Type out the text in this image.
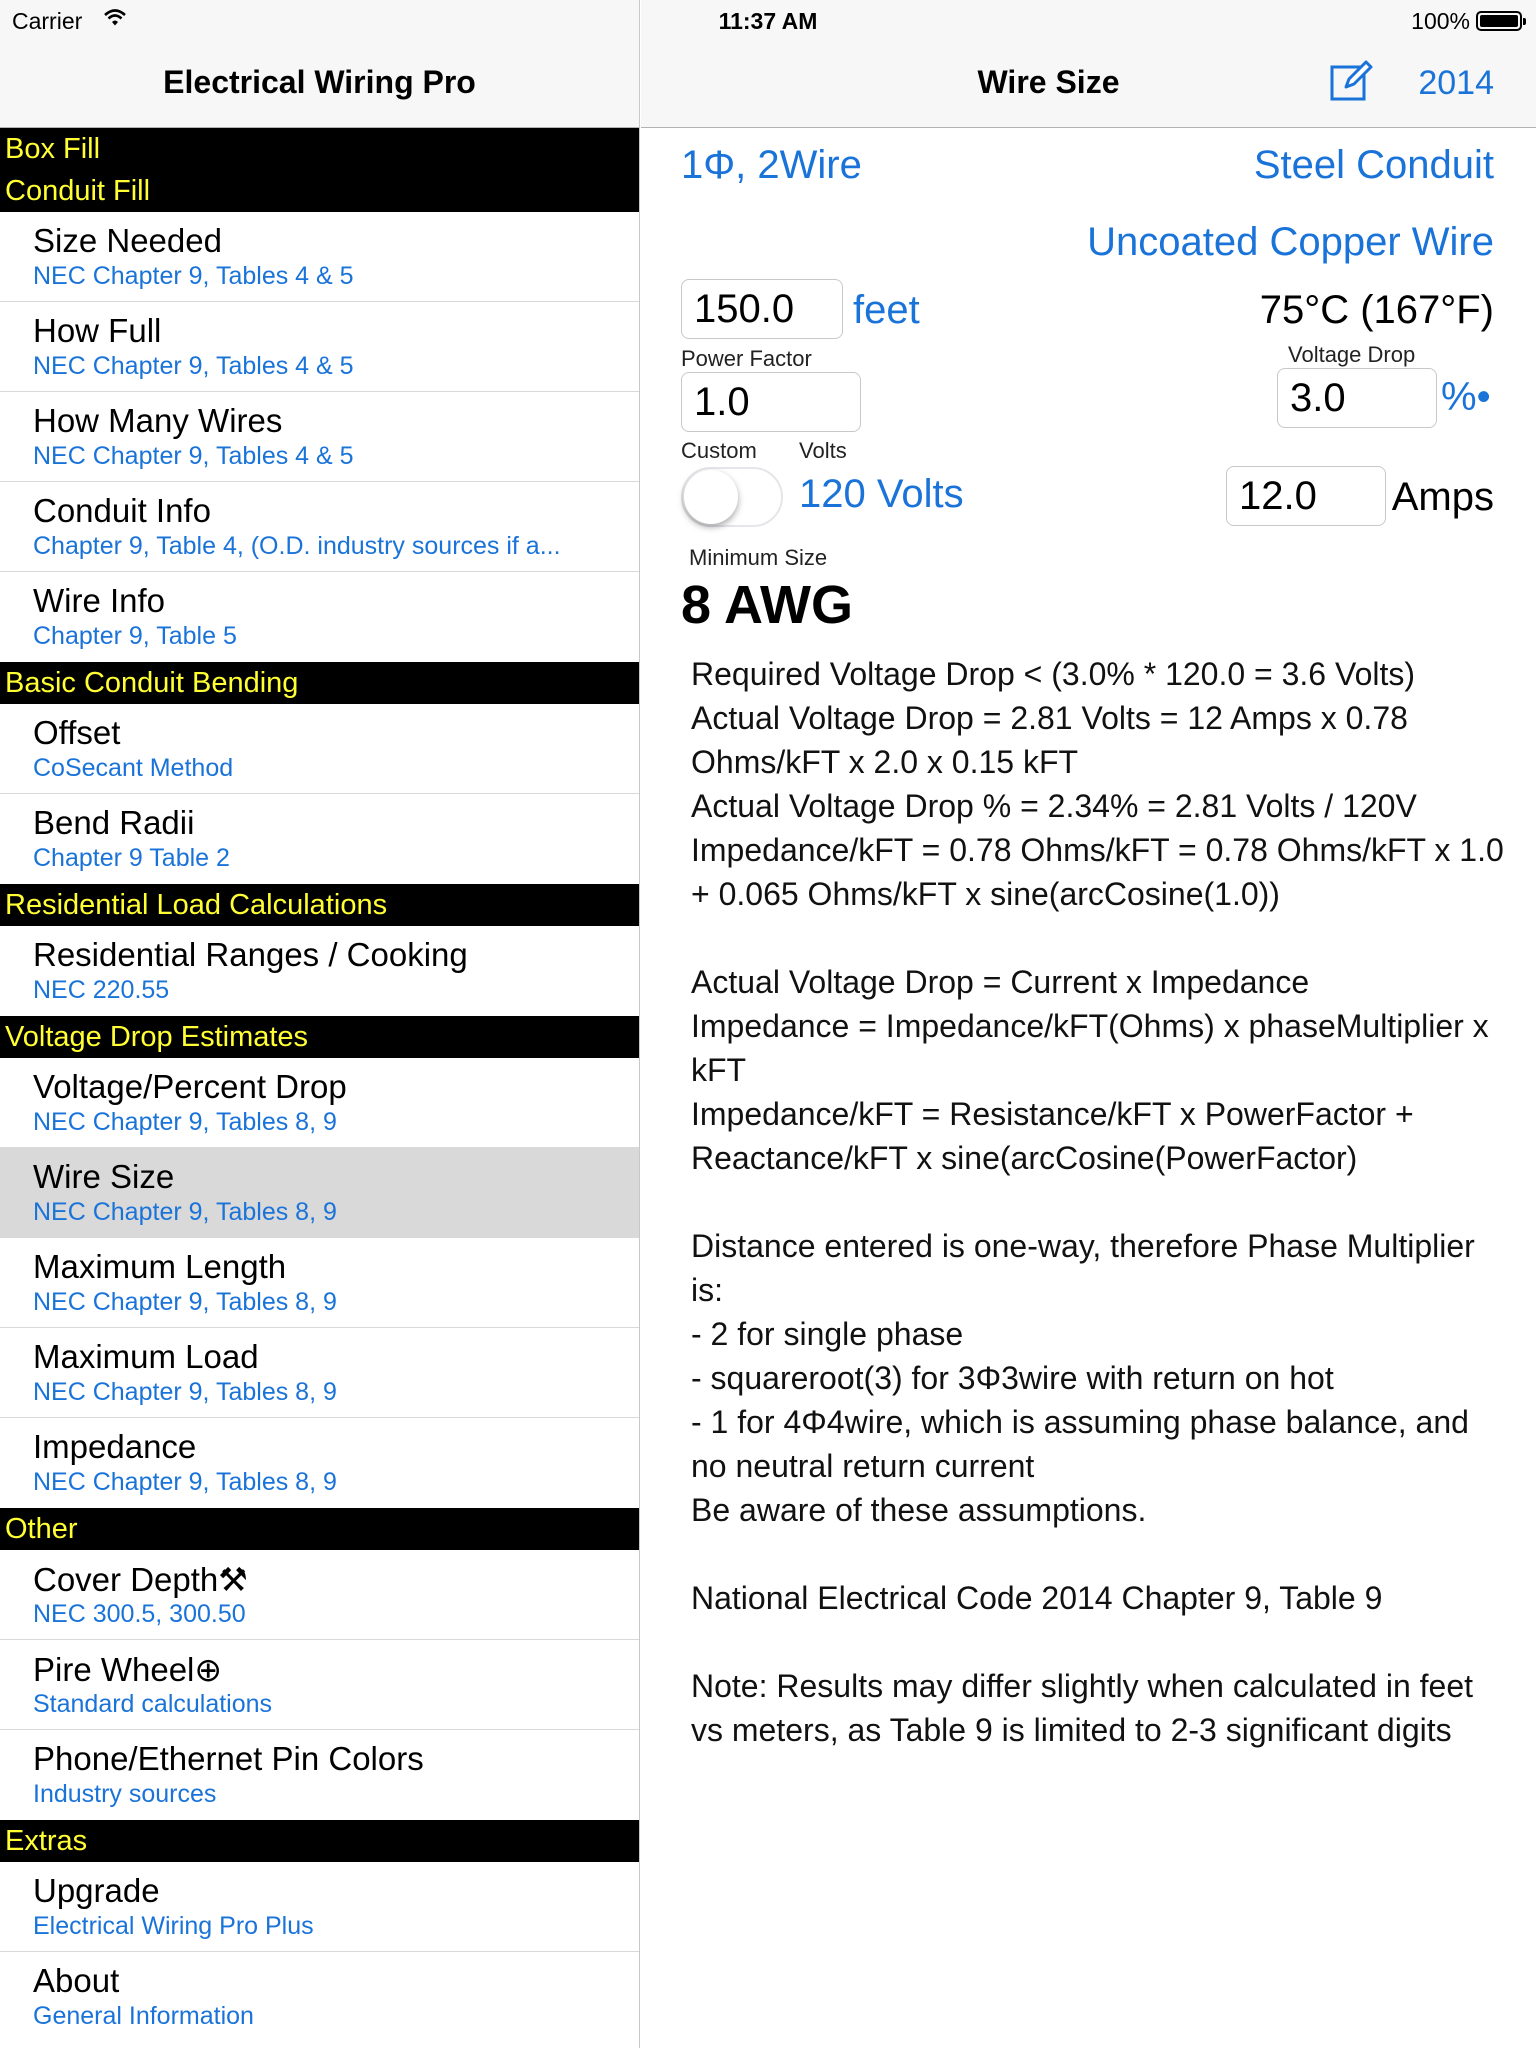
Electrical Wiring Pro
Box Fill
Conduit Fill
Size Needed
NEC Chapter 9, Tables 4 & 5
How Full
NEC Chapter 9, Tables 4 & 5
How Many Wires
NEC Chapter 9, Tables 4 & 5
Conduit Info
Chapter 9, Table 4, (O.D. industry sources if a...
Wire Info
Chapter 9, Table 5
Basic Conduit Bending
Offset
CoSecant Method
Bend Radii
Chapter 9 Table 2
Residential Load Calculations
Residential Ranges / Cooking
NEC 220.55
Voltage Drop Estimates
Voltage/Percent Drop
NEC Chapter 9, Tables 8, 9
Wire Size
NEC Chapter 9, Tables 8, 9
Maximum Length
NEC Chapter 9, Tables 8, 9
Maximum Load
NEC Chapter 9, Tables 8, 9
Impedance
NEC Chapter 9, Tables 8, 9
Other
Cover Depth⚒
NEC 300.5, 300.50
Pire Wheel⊕
Standard calculations
Phone/Ethernet Pin Colors
Industry sources
Extras
Upgrade
Electrical Wiring Pro Plus
About
General Information
Wire Size	2014
1Φ, 2Wire	Steel Conduit
Uncoated Copper Wire
150.0	feet	75°C (167°F)
Power Factor	Voltage Drop
1.0	3.0	%•
Custom Volts
120 Volts	12.0	Amps
Minimum Size
8 AWG

Required Voltage Drop < (3.0% * 120.0 = 3.6 Volts)

Actual Voltage Drop = 2.81 Volts = 12 Amps x 0.78 Ohms/kFT x 2.0 x 0.15 kFT

Actual Voltage Drop % = 2.34% = 2.81 Volts / 120V

Impedance/kFT = 0.78 Ohms/kFT = 0.78 Ohms/kFT x 1.0 + 0.065 Ohms/kFT x sine(arcCosine(1.0))

Actual Voltage Drop = Current x Impedance

Impedance = Impedance/kFT(Ohms) x phaseMultiplier x kFT

Impedance/kFT = Resistance/kFT x PowerFactor + Reactance/kFT x sine(arcCosine(PowerFactor)

Distance entered is one-way, therefore Phase Multiplier is:

- 2 for single phase

- squareroot(3) for 3Φ3wire with return on hot

- 1 for 4Φ4wire, which is assuming phase balance, and no neutral return current

Be aware of these assumptions.

National Electrical Code 2014 Chapter 9, Table 9

Note: Results may differ slightly when calculated in feet vs meters, as Table 9 is limited to 2-3 significant digits

Carrier	11:37 AM	100%
